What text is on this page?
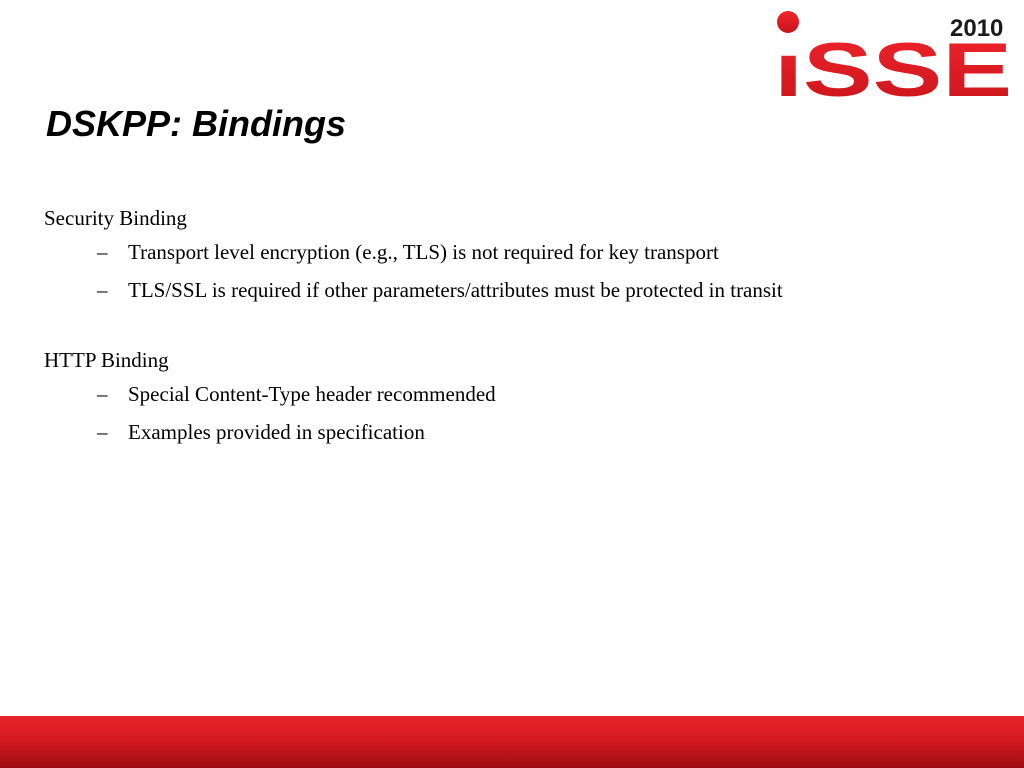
2010
ıSSE
DSKPP: Bindings
Security Binding
– Transport level encryption (e.g., TLS) is not required for key transport
– TLS/SSL is required if other parameters/attributes must be protected in transit
HTTP Binding
– Special Content-Type header recommended
– Examples provided in specification
